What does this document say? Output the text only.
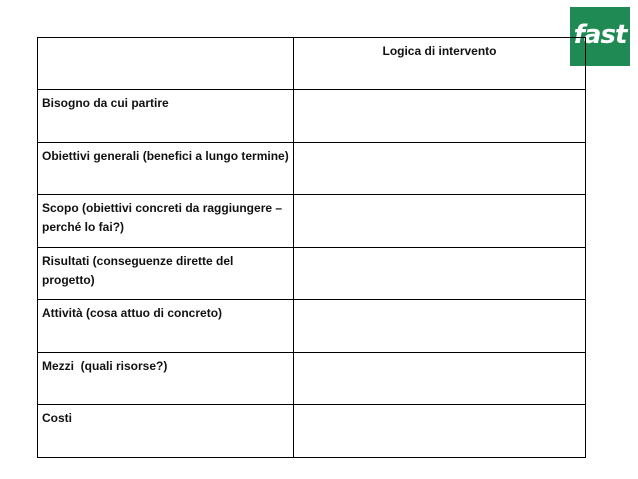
fast
	Logica di intervento
Bisogno da cui partire	
Obiettivi generali (benefici a lungo termine)	
Scopo (obiettivi concreti da raggiungere – perché lo fai?)	
Risultati (conseguenze dirette del progetto)	
Attività (cosa attuo di concreto)	
Mezzi  (quali risorse?)	
Costi	
